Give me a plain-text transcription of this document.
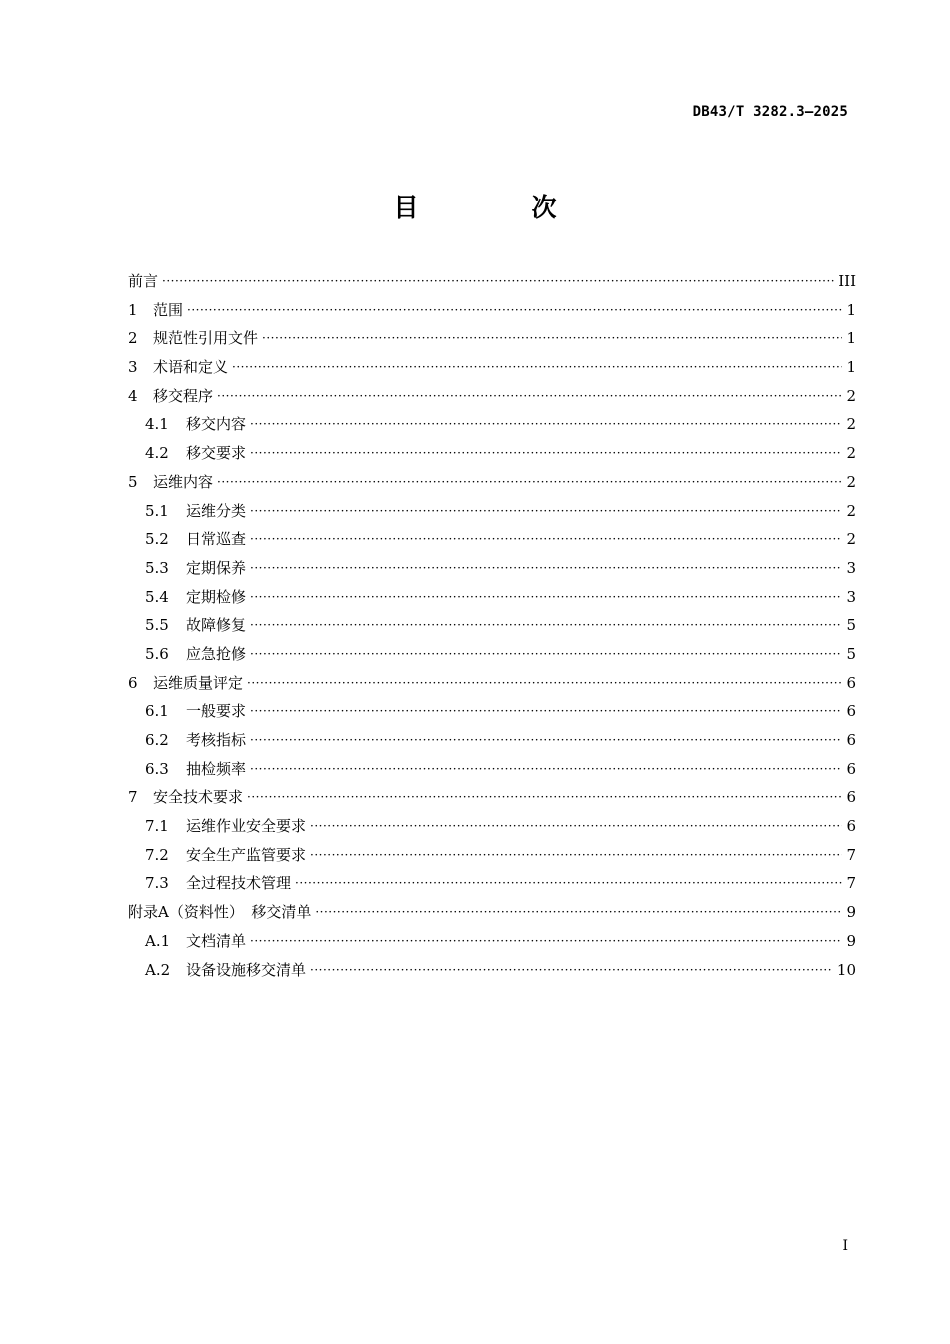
DB43/T 3282.3—2025
目　次
前言 ·····	III
1	范围 ·····	1
2	规范性引用文件 ·····	1
3	术语和定义 ·····	1
4	移交程序 ·····	2
4.1	移交内容 ·····	2
4.2	移交要求 ·····	2
5	运维内容 ·····	2
5.1	运维分类 ·····	2
5.2	日常巡查 ·····	2
5.3	定期保养 ·····	3
5.4	定期检修 ·····	3
5.5	故障修复 ·····	5
5.6	应急抢修 ·····	5
6	运维质量评定 ·····	6
6.1	一般要求 ·····	6
6.2	考核指标 ·····	6
6.3	抽检频率 ·····	6
7	安全技术要求 ·····	6
7.1	运维作业安全要求 ·····	6
7.2	安全生产监管要求 ·····	7
7.3	全过程技术管理 ·····	7
附录A（资料性）　移交清单 ·····	9
A.1	文档清单 ·····	9
A.2	设备设施移交清单 ·····	10
I
